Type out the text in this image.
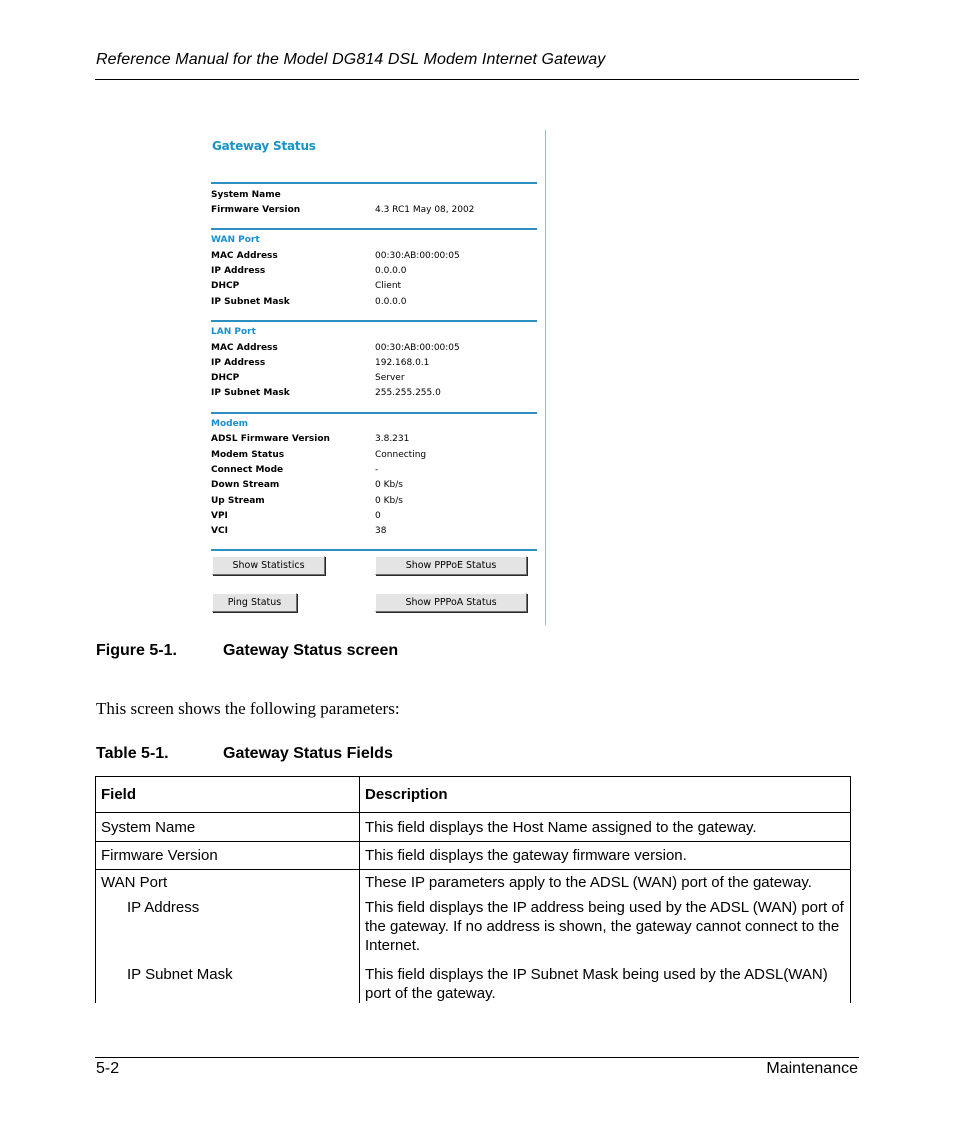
Reference Manual for the Model DG814 DSL Modem Internet Gateway
Gateway Status
System Name
Firmware Version	4.3 RC1 May 08, 2002
WAN Port
MAC Address	00:30:AB:00:00:05
IP Address	0.0.0.0
DHCP	Client
IP Subnet Mask	0.0.0.0
LAN Port
MAC Address	00:30:AB:00:00:05
IP Address	192.168.0.1
DHCP	Server
IP Subnet Mask	255.255.255.0
Modem
ADSL Firmware Version	3.8.231
Modem Status	Connecting
Connect Mode	-
Down Stream	0 Kb/s
Up Stream	0 Kb/s
VPI	0
VCI	38
Show Statistics	Show PPPoE Status
Ping Status	Show PPPoA Status
Figure 5-1.	Gateway Status screen
This screen shows the following parameters:
Table 5-1.	Gateway Status Fields
Field	Description
System Name	This field displays the Host Name assigned to the gateway.
Firmware Version	This field displays the gateway firmware version.
WAN Port	These IP parameters apply to the ADSL (WAN) port of the gateway.
IP Address	This field displays the IP address being used by the ADSL (WAN) port of the gateway. If no address is shown, the gateway cannot connect to the Internet.
IP Subnet Mask	This field displays the IP Subnet Mask being used by the ADSL(WAN) port of the gateway.
5-2	Maintenance
